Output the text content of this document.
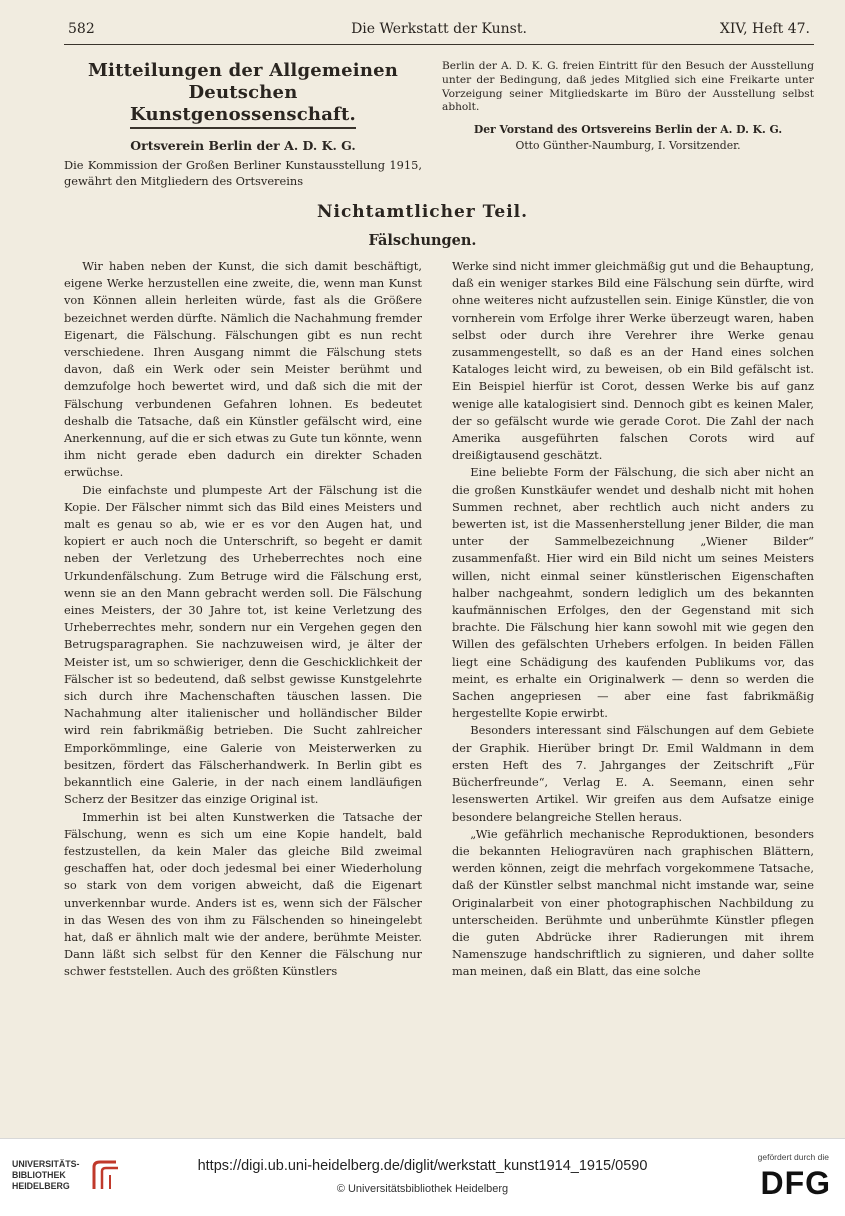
582	Die Werkstatt der Kunst.	XIV, Heft 47.
Mitteilungen der Allgemeinen Deutschen
Kunstgenossenschaft.
Ortsverein Berlin der A. D. K. G.
Die Kommission der Großen Berliner Kunstausstellung 1915, gewährt den Mitgliedern des Ortsvereins
Berlin der A. D. K. G. freien Eintritt für den Besuch der Ausstellung unter der Bedingung, daß jedes Mitglied sich eine Freikarte unter Vorzeigung seiner Mitgliedskarte im Büro der Ausstellung selbst abholt.
Der Vorstand des Ortsvereins Berlin der A. D. K. G.
Otto Günther-Naumburg, I. Vorsitzender.
Nichtamtlicher Teil.
Fälschungen.

Wir haben neben der Kunst, die sich damit beschäftigt, eigene Werke herzustellen eine zweite, die, wenn man Kunst von Können allein herleiten würde, fast als die Größere bezeichnet werden dürfte. Nämlich die Nachahmung fremder Eigenart, die Fälschung. Fälschungen gibt es nun recht verschiedene. Ihren Ausgang nimmt die Fälschung stets davon, daß ein Werk oder sein Meister berühmt und demzufolge hoch bewertet wird, und daß sich die mit der Fälschung verbundenen Gefahren lohnen. Es bedeutet deshalb die Tatsache, daß ein Künstler gefälscht wird, eine Anerkennung, auf die er sich etwas zu Gute tun könnte, wenn ihm nicht gerade eben dadurch ein direkter Schaden erwüchse.

Die einfachste und plumpeste Art der Fälschung ist die Kopie. Der Fälscher nimmt sich das Bild eines Meisters und malt es genau so ab, wie er es vor den Augen hat, und kopiert er auch noch die Unterschrift, so begeht er damit neben der Verletzung des Urheberrechtes noch eine Urkundenfälschung. Zum Betruge wird die Fälschung erst, wenn sie an den Mann gebracht werden soll. Die Fälschung eines Meisters, der 30 Jahre tot, ist keine Verletzung des Urheberrechtes mehr, sondern nur ein Vergehen gegen den Betrugsparagraphen. Sie nachzuweisen wird, je älter der Meister ist, um so schwieriger, denn die Geschicklichkeit der Fälscher ist so bedeutend, daß selbst gewisse Kunstgelehrte sich durch ihre Machenschaften täuschen lassen. Die Nachahmung alter italienischer und holländischer Bilder wird rein fabrikmäßig betrieben. Die Sucht zahlreicher Emporkömmlinge, eine Galerie von Meisterwerken zu besitzen, fördert das Fälscherhandwerk. In Berlin gibt es bekanntlich eine Galerie, in der nach einem landläufigen Scherz der Besitzer das einzige Original ist.

Immerhin ist bei alten Kunstwerken die Tatsache der Fälschung, wenn es sich um eine Kopie handelt, bald festzustellen, da kein Maler das gleiche Bild zweimal geschaffen hat, oder doch jedesmal bei einer Wiederholung so stark von dem vorigen abweicht, daß die Eigenart unverkennbar wurde. Anders ist es, wenn sich der Fälscher in das Wesen des von ihm zu Fälschenden so hineingelebt hat, daß er ähnlich malt wie der andere, berühmte Meister. Dann läßt sich selbst für den Kenner die Fälschung nur schwer feststellen. Auch des größten Künstlers

Werke sind nicht immer gleichmäßig gut und die Behauptung, daß ein weniger starkes Bild eine Fälschung sein dürfte, wird ohne weiteres nicht aufzustellen sein. Einige Künstler, die von vornherein vom Erfolge ihrer Werke überzeugt waren, haben selbst oder durch ihre Verehrer ihre Werke genau zusammengestellt, so daß es an der Hand eines solchen Kataloges leicht wird, zu beweisen, ob ein Bild gefälscht ist. Ein Beispiel hierfür ist Corot, dessen Werke bis auf ganz wenige alle katalogisiert sind. Dennoch gibt es keinen Maler, der so gefälscht wurde wie gerade Corot. Die Zahl der nach Amerika ausgeführten falschen Corots wird auf dreißigtausend geschätzt.

Eine beliebte Form der Fälschung, die sich aber nicht an die großen Kunstkäufer wendet und deshalb nicht mit hohen Summen rechnet, aber rechtlich auch nicht anders zu bewerten ist, ist die Massenherstellung jener Bilder, die man unter der Sammelbezeichnung „Wiener Bilder“ zusammenfaßt. Hier wird ein Bild nicht um seines Meisters willen, nicht einmal seiner künstlerischen Eigenschaften halber nachgeahmt, sondern lediglich um des bekannten kaufmännischen Erfolges, den der Gegenstand mit sich brachte. Die Fälschung hier kann sowohl mit wie gegen den Willen des gefälschten Urhebers erfolgen. In beiden Fällen liegt eine Schädigung des kaufenden Publikums vor, das meint, es erhalte ein Originalwerk — denn so werden die Sachen angepriesen — aber eine fast fabrikmäßig hergestellte Kopie erwirbt.

Besonders interessant sind Fälschungen auf dem Gebiete der Graphik. Hierüber bringt Dr. Emil Waldmann in dem ersten Heft des 7. Jahrganges der Zeitschrift „Für Bücherfreunde“, Verlag E. A. Seemann, einen sehr lesenswerten Artikel. Wir greifen aus dem Aufsatze einige besondere belangreiche Stellen heraus.

„Wie gefährlich mechanische Reproduktionen, besonders die bekannten Heliogravüren nach graphischen Blättern, werden können, zeigt die mehrfach vorgekommene Tatsache, daß der Künstler selbst manchmal nicht imstande war, seine Originalarbeit von einer photographischen Nachbildung zu unterscheiden. Berühmte und unberühmte Künstler pflegen die guten Abdrücke ihrer Radierungen mit ihrem Namenszuge handschriftlich zu signieren, und daher sollte man meinen, daß ein Blatt, das eine solche

UNIVERSITÄTS-
BIBLIOTHEK
HEIDELBERG
https://digi.ub.uni-heidelberg.de/diglit/werkstatt_kunst1914_1915/0590
© Universitätsbibliothek Heidelberg
gefördert durch die
DFG
